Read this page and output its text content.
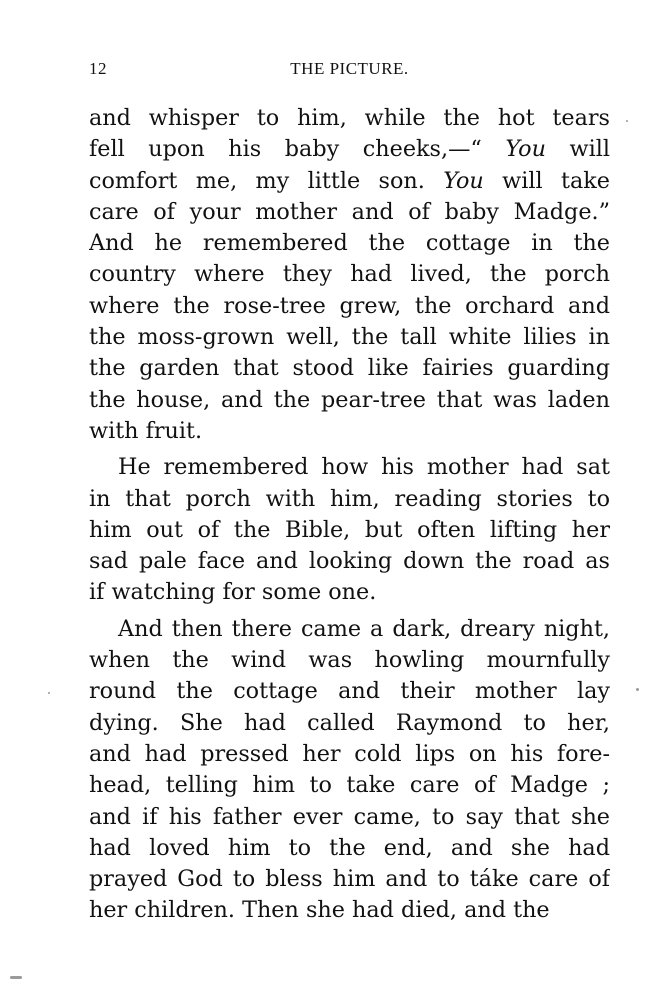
12	THE PICTURE.
and whisper to him, while the hot tears
fell upon his baby cheeks,—“ You will
comfort me, my little son. You will take
care of your mother and of baby Madge.”
And he remembered the cottage in the
country where they had lived, the porch
where the rose-tree grew, the orchard and
the moss-grown well, the tall white lilies in
the garden that stood like fairies guarding
the house, and the pear-tree that was laden
with fruit.
He remembered how his mother had sat
in that porch with him, reading stories to
him out of the Bible, but often lifting her
sad pale face and looking down the road as
if watching for some one.
And then there came a dark, dreary night,
when the wind was howling mournfully
round the cottage and their mother lay
dying. She had called Raymond to her,
and had pressed her cold lips on his fore-
head, telling him to take care of Madge ;
and if his father ever came, to say that she
had loved him to the end, and she had
prayed God to bless him and to táke care of
her children. Then she had died, and the
